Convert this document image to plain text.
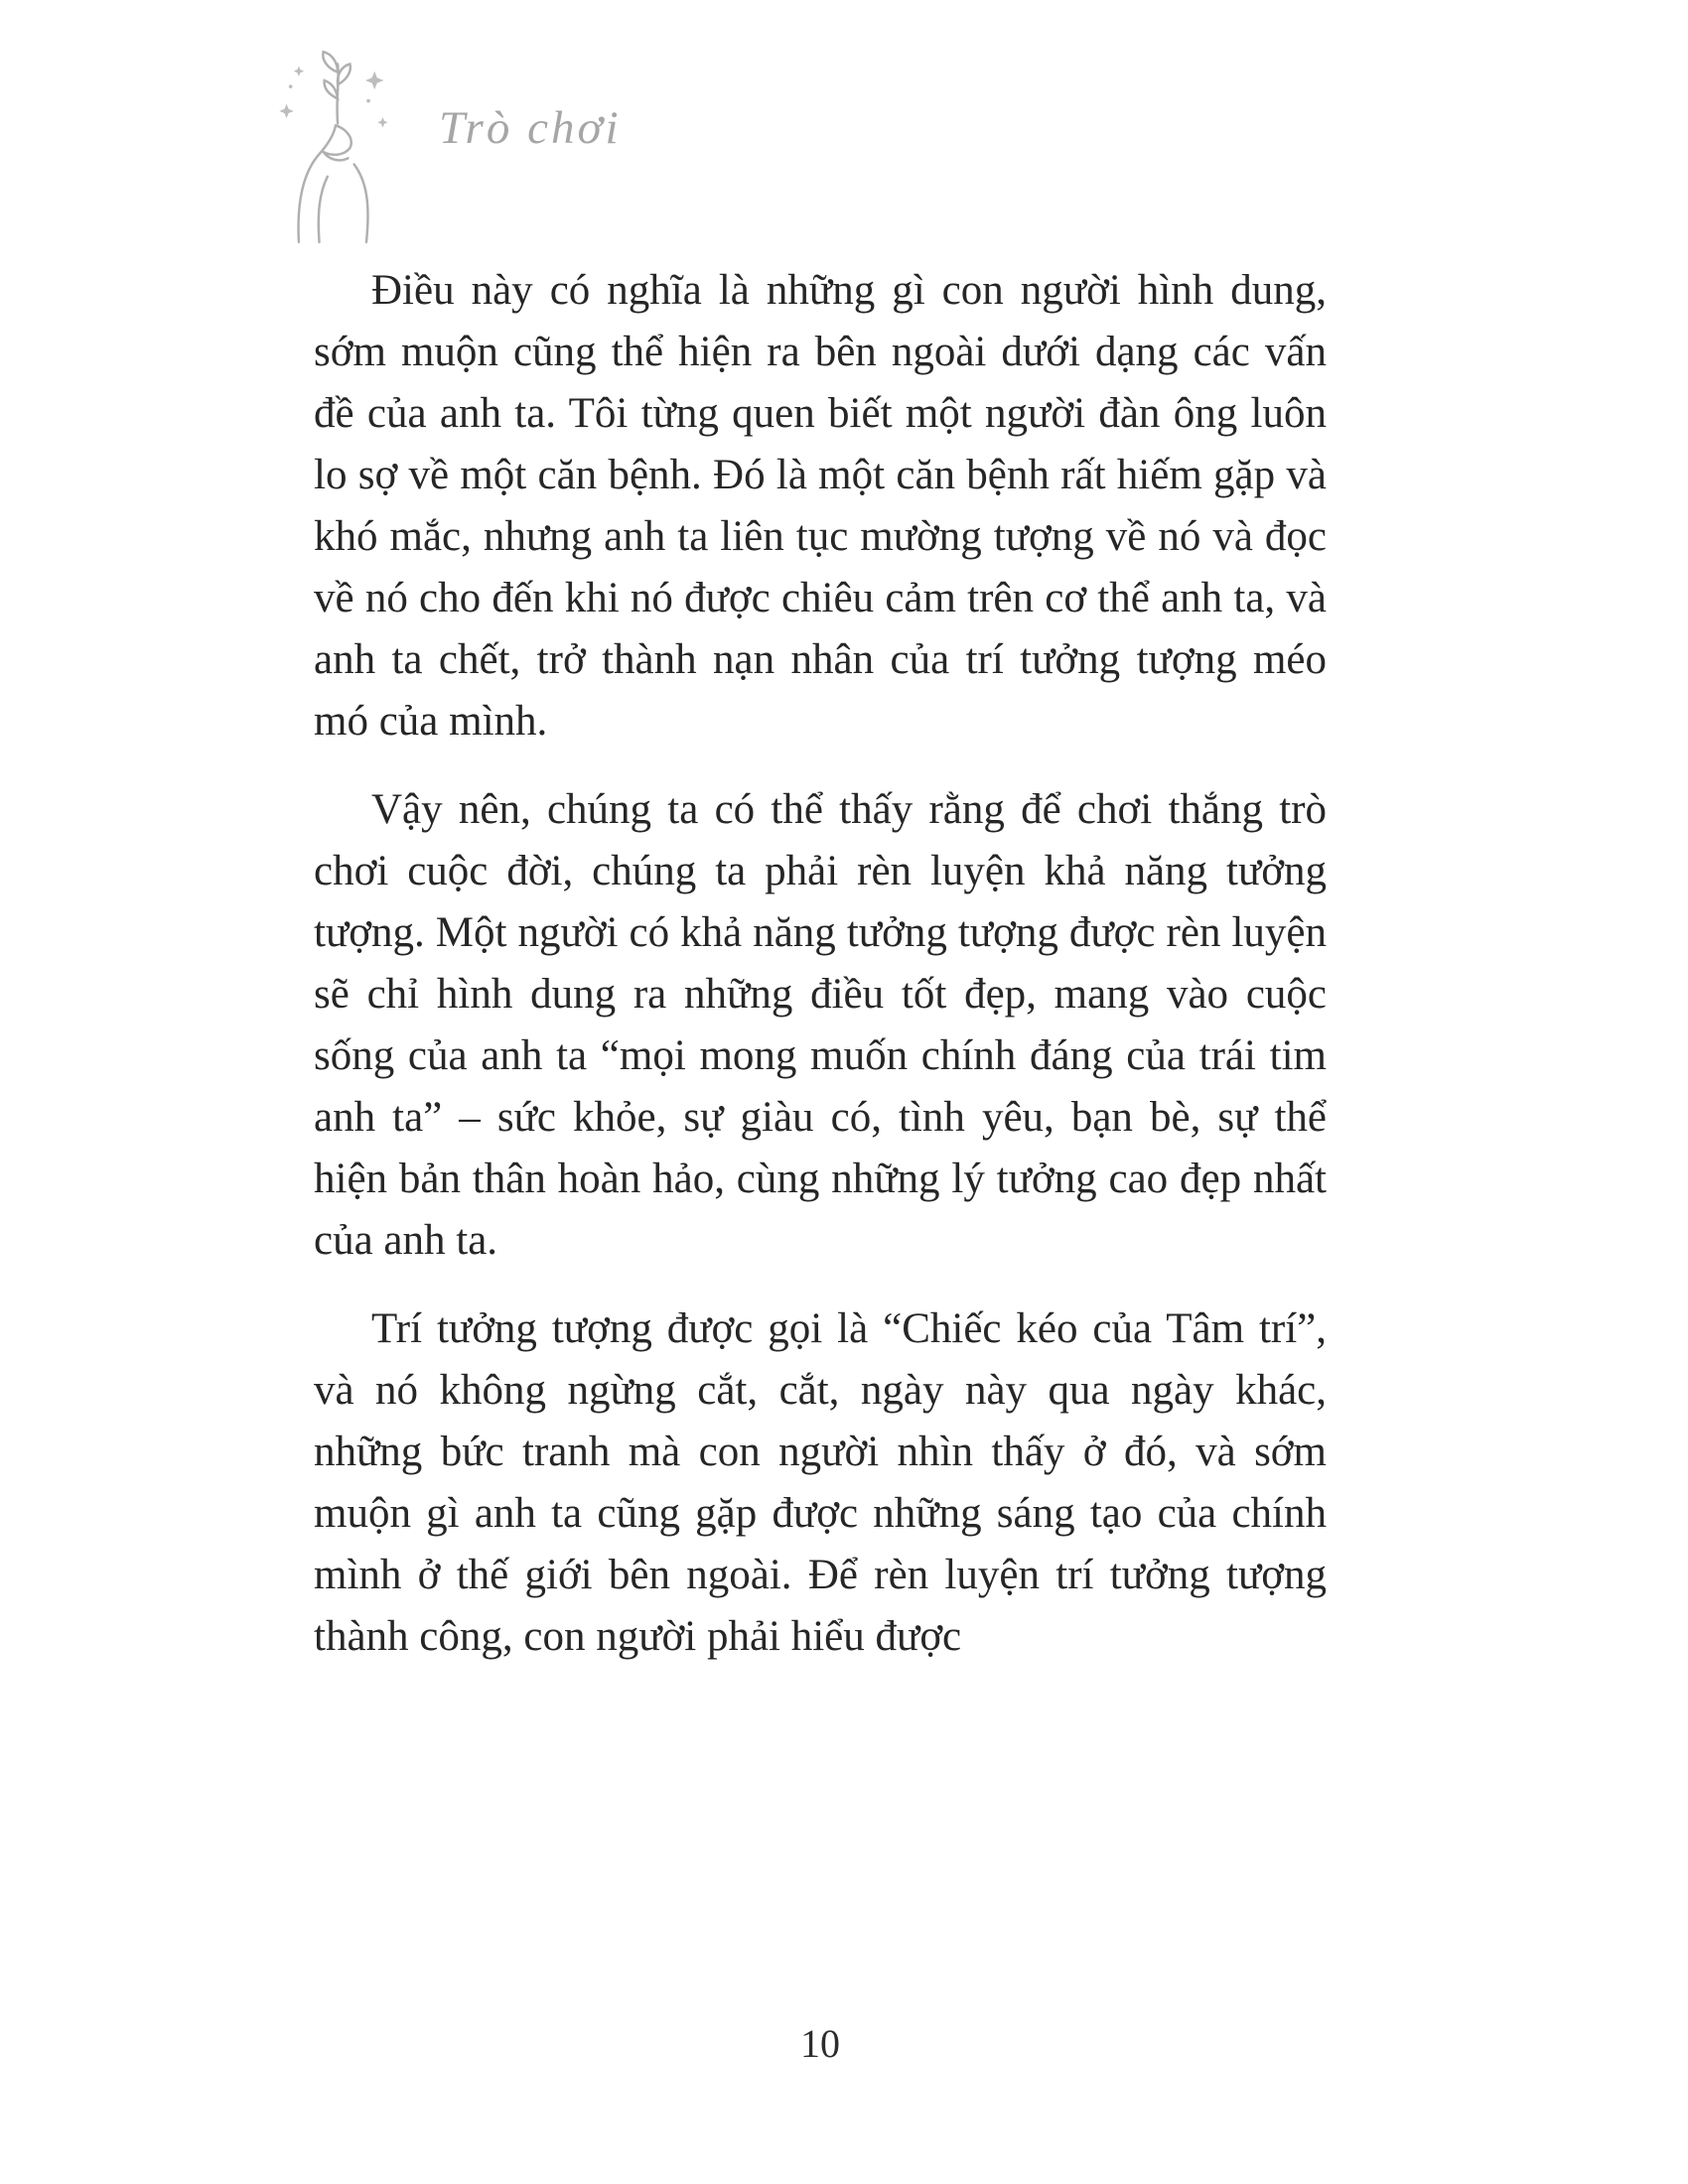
Trò chơi

Điều này có nghĩa là những gì con người hình dung, sớm muộn cũng thể hiện ra bên ngoài dưới dạng các vấn đề của anh ta. Tôi từng quen biết một người đàn ông luôn lo sợ về một căn bệnh. Đó là một căn bệnh rất hiếm gặp và khó mắc, nhưng anh ta liên tục mường tượng về nó và đọc về nó cho đến khi nó được chiêu cảm trên cơ thể anh ta, và anh ta chết, trở thành nạn nhân của trí tưởng tượng méo mó của mình.

Vậy nên, chúng ta có thể thấy rằng để chơi thắng trò chơi cuộc đời, chúng ta phải rèn luyện khả năng tưởng tượng. Một người có khả năng tưởng tượng được rèn luyện sẽ chỉ hình dung ra những điều tốt đẹp, mang vào cuộc sống của anh ta “mọi mong muốn chính đáng của trái tim anh ta” – sức khỏe, sự giàu có, tình yêu, bạn bè, sự thể hiện bản thân hoàn hảo, cùng những lý tưởng cao đẹp nhất của anh ta.

Trí tưởng tượng được gọi là “Chiếc kéo của Tâm trí”, và nó không ngừng cắt, cắt, ngày này qua ngày khác, những bức tranh mà con người nhìn thấy ở đó, và sớm muộn gì anh ta cũng gặp được những sáng tạo của chính mình ở thế giới bên ngoài. Để rèn luyện trí tưởng tượng thành công, con người phải hiểu được

10
